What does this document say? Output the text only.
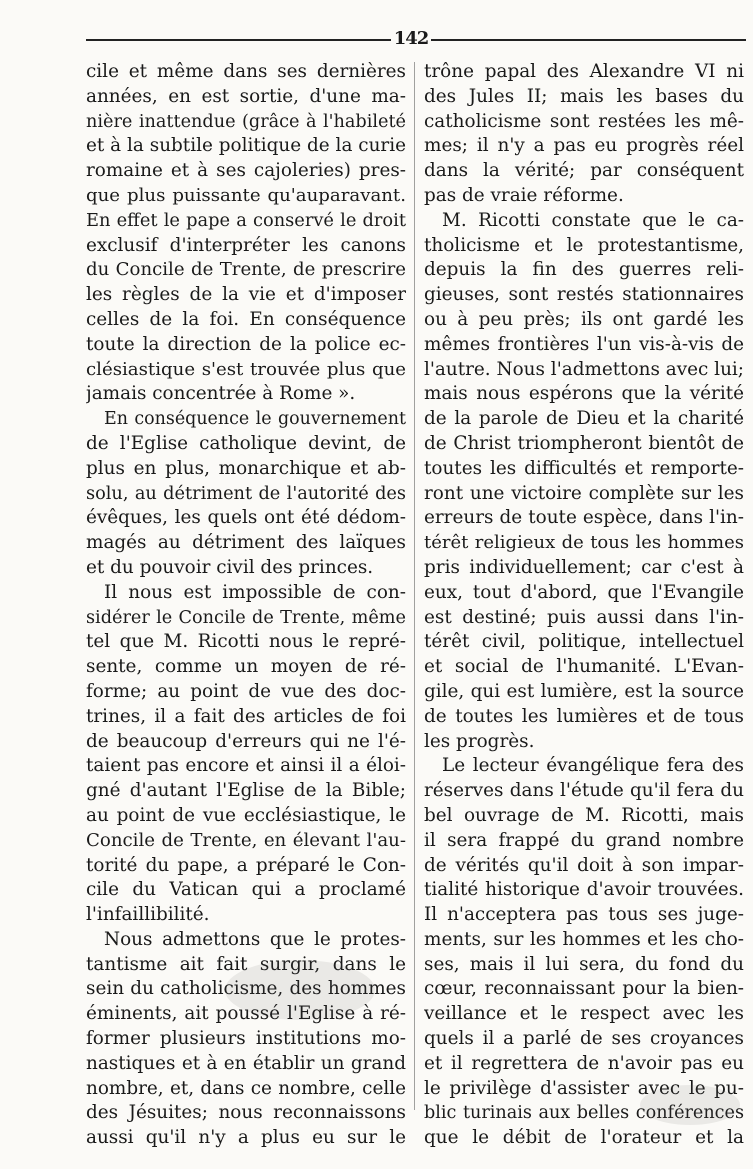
142
cile et même dans ses dernières
années, en est sortie, d'une ma-
nière inattendue (grâce à l'habileté
et à la subtile politique de la curie
romaine et à ses cajoleries) pres-
que plus puissante qu'auparavant.
En effet le pape a conservé le droit
exclusif d'interpréter les canons
du Concile de Trente, de prescrire
les règles de la vie et d'imposer
celles de la foi. En conséquence
toute la direction de la police ec-
clésiastique s'est trouvée plus que
jamais concentrée à Rome ».
En conséquence le gouvernement
de l'Eglise catholique devint, de
plus en plus, monarchique et ab-
solu, au détriment de l'autorité des
évêques, les quels ont été dédom-
magés au détriment des laïques
et du pouvoir civil des princes.
Il nous est impossible de con-
sidérer le Concile de Trente, même
tel que M. Ricotti nous le repré-
sente, comme un moyen de ré-
forme; au point de vue des doc-
trines, il a fait des articles de foi
de beaucoup d'erreurs qui ne l'é-
taient pas encore et ainsi il a éloi-
gné d'autant l'Eglise de la Bible;
au point de vue ecclésiastique, le
Concile de Trente, en élevant l'au-
torité du pape, a préparé le Con-
cile du Vatican qui a proclamé
l'infaillibilité.
Nous admettons que le protes-
tantisme ait fait surgir, dans le
sein du catholicisme, des hommes
éminents, ait poussé l'Eglise à ré-
former plusieurs institutions mo-
nastiques et à en établir un grand
nombre, et, dans ce nombre, celle
des Jésuites; nous reconnaissons
aussi qu'il n'y a plus eu sur le
trône papal des Alexandre VI ni
des Jules II; mais les bases du
catholicisme sont restées les mê-
mes; il n'y a pas eu progrès réel
dans la vérité; par conséquent
pas de vraie réforme.
M. Ricotti constate que le ca-
tholicisme et le protestantisme,
depuis la fin des guerres reli-
gieuses, sont restés stationnaires
ou à peu près; ils ont gardé les
mêmes frontières l'un vis-à-vis de
l'autre. Nous l'admettons avec lui;
mais nous espérons que la vérité
de la parole de Dieu et la charité
de Christ triompheront bientôt de
toutes les difficultés et remporte-
ront une victoire complète sur les
erreurs de toute espèce, dans l'in-
térêt religieux de tous les hommes
pris individuellement; car c'est à
eux, tout d'abord, que l'Evangile
est destiné; puis aussi dans l'in-
térêt civil, politique, intellectuel
et social de l'humanité. L'Evan-
gile, qui est lumière, est la source
de toutes les lumières et de tous
les progrès.
Le lecteur évangélique fera des
réserves dans l'étude qu'il fera du
bel ouvrage de M. Ricotti, mais
il sera frappé du grand nombre
de vérités qu'il doit à son impar-
tialité historique d'avoir trouvées.
Il n'acceptera pas tous ses juge-
ments, sur les hommes et les cho-
ses, mais il lui sera, du fond du
cœur, reconnaissant pour la bien-
veillance et le respect avec les
quels il a parlé de ses croyances
et il regrettera de n'avoir pas eu
le privilège d'assister avec le pu-
blic turinais aux belles conférences
que le débit de l'orateur et la
